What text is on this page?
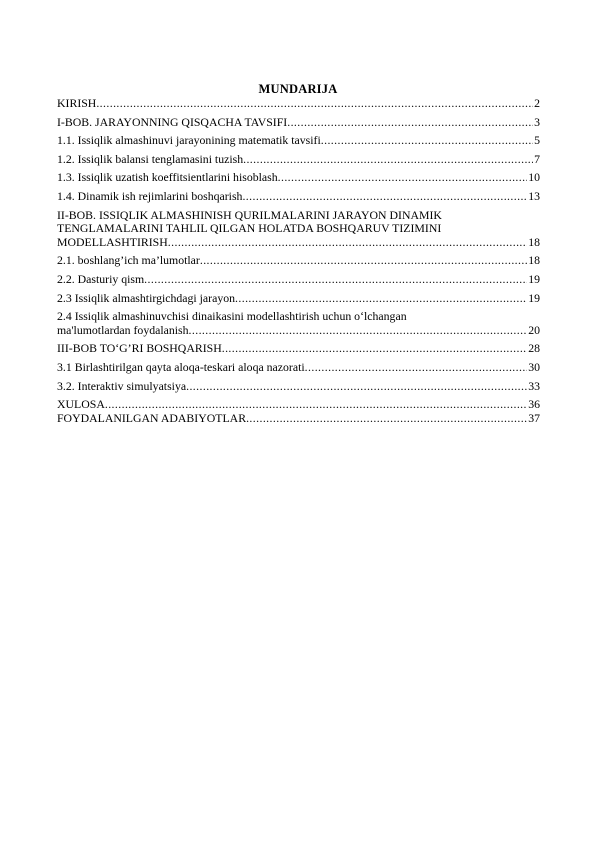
MUNDARIJA
KIRISH .....	2
I-BOB. JARAYONNING QISQACHA TAVSIFI .....	3
1.1. Issiqlik almashinuvi jarayonining matematik tavsifi .....	5
1.2. Issiqlik balansi tenglamasini tuzish .....	7
1.3. Issiqlik uzatish koeffitsientlarini hisoblash .....	10
1.4. Dinamik ish rejimlarini boshqarish .....	13
II-BOB. ISSIQLIK ALMASHINISH QURILMALARINI JARAYON DINAMIK
TENGLAMALARINI TAHLIL QILGAN HOLATDA BOSHQARUV TIZIMINI
MODELLASHTIRISH .....	18
2.1. boshlang’ich ma’lumotlar .....	18
2.2. Dasturiy qism .....	19
2.3 Issiqlik almashtirgichdagi jarayon .....	19
2.4 Issiqlik almashinuvchisi dinaikasini modellashtirish uchun o‘lchangan
ma'lumotlardan foydalanish .....	20
III-BOB TO‘G’RI BOSHQARISH .....	28
3.1 Birlashtirilgan qayta aloqa-teskari aloqa nazorati .....	30
3.2. Interaktiv simulyatsiya .....	33
XULOSA .....	36
FOYDALANILGAN ADABIYOTLAR .....	37
